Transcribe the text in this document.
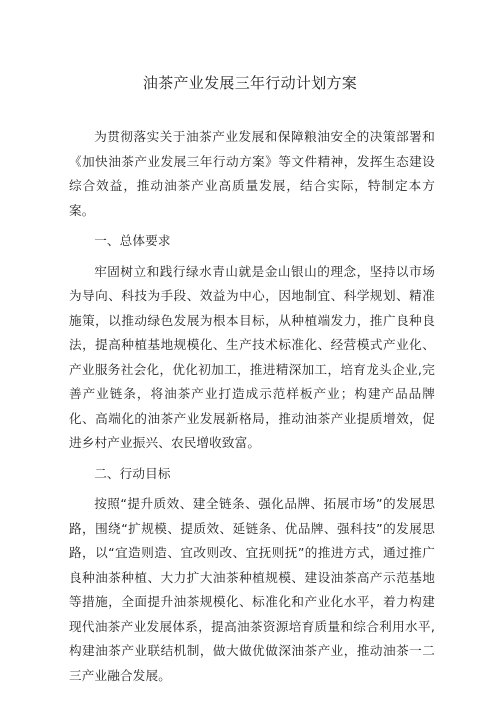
油茶产业发展三年行动计划方案

为贯彻落实关于油茶产业发展和保障粮油安全的决策部署和《加快油茶产业发展三年行动方案》等文件精神，发挥生态建设综合效益，推动油茶产业高质量发展，结合实际，特制定本方案。

一、总体要求

牢固树立和践行绿水青山就是金山银山的理念，坚持以市场为导向、科技为手段、效益为中心，因地制宜、科学规划、精准施策，以推动绿色发展为根本目标，从种植端发力，推广良种良法，提高种植基地规模化、生产技术标准化、经营模式产业化、产业服务社会化，优化初加工，推进精深加工，培育龙头企业,完善产业链条，将油茶产业打造成示范样板产业；构建产品品牌化、高端化的油茶产业发展新格局，推动油茶产业提质增效，促进乡村产业振兴、农民增收致富。

二、行动目标

按照“提升质效、建全链条、强化品牌、拓展市场”的发展思路，围绕“扩规模、提质效、延链条、优品牌、强科技”的发展思路，以“宜造则造、宜改则改、宜抚则抚”的推进方式，通过推广良种油茶种植、大力扩大油茶种植规模、建设油茶高产示范基地等措施，全面提升油茶规模化、标准化和产业化水平，着力构建现代油茶产业发展体系，提高油茶资源培育质量和综合利用水平,构建油茶产业联结机制，做大做优做深油茶产业，推动油茶一二三产业融合发展。
